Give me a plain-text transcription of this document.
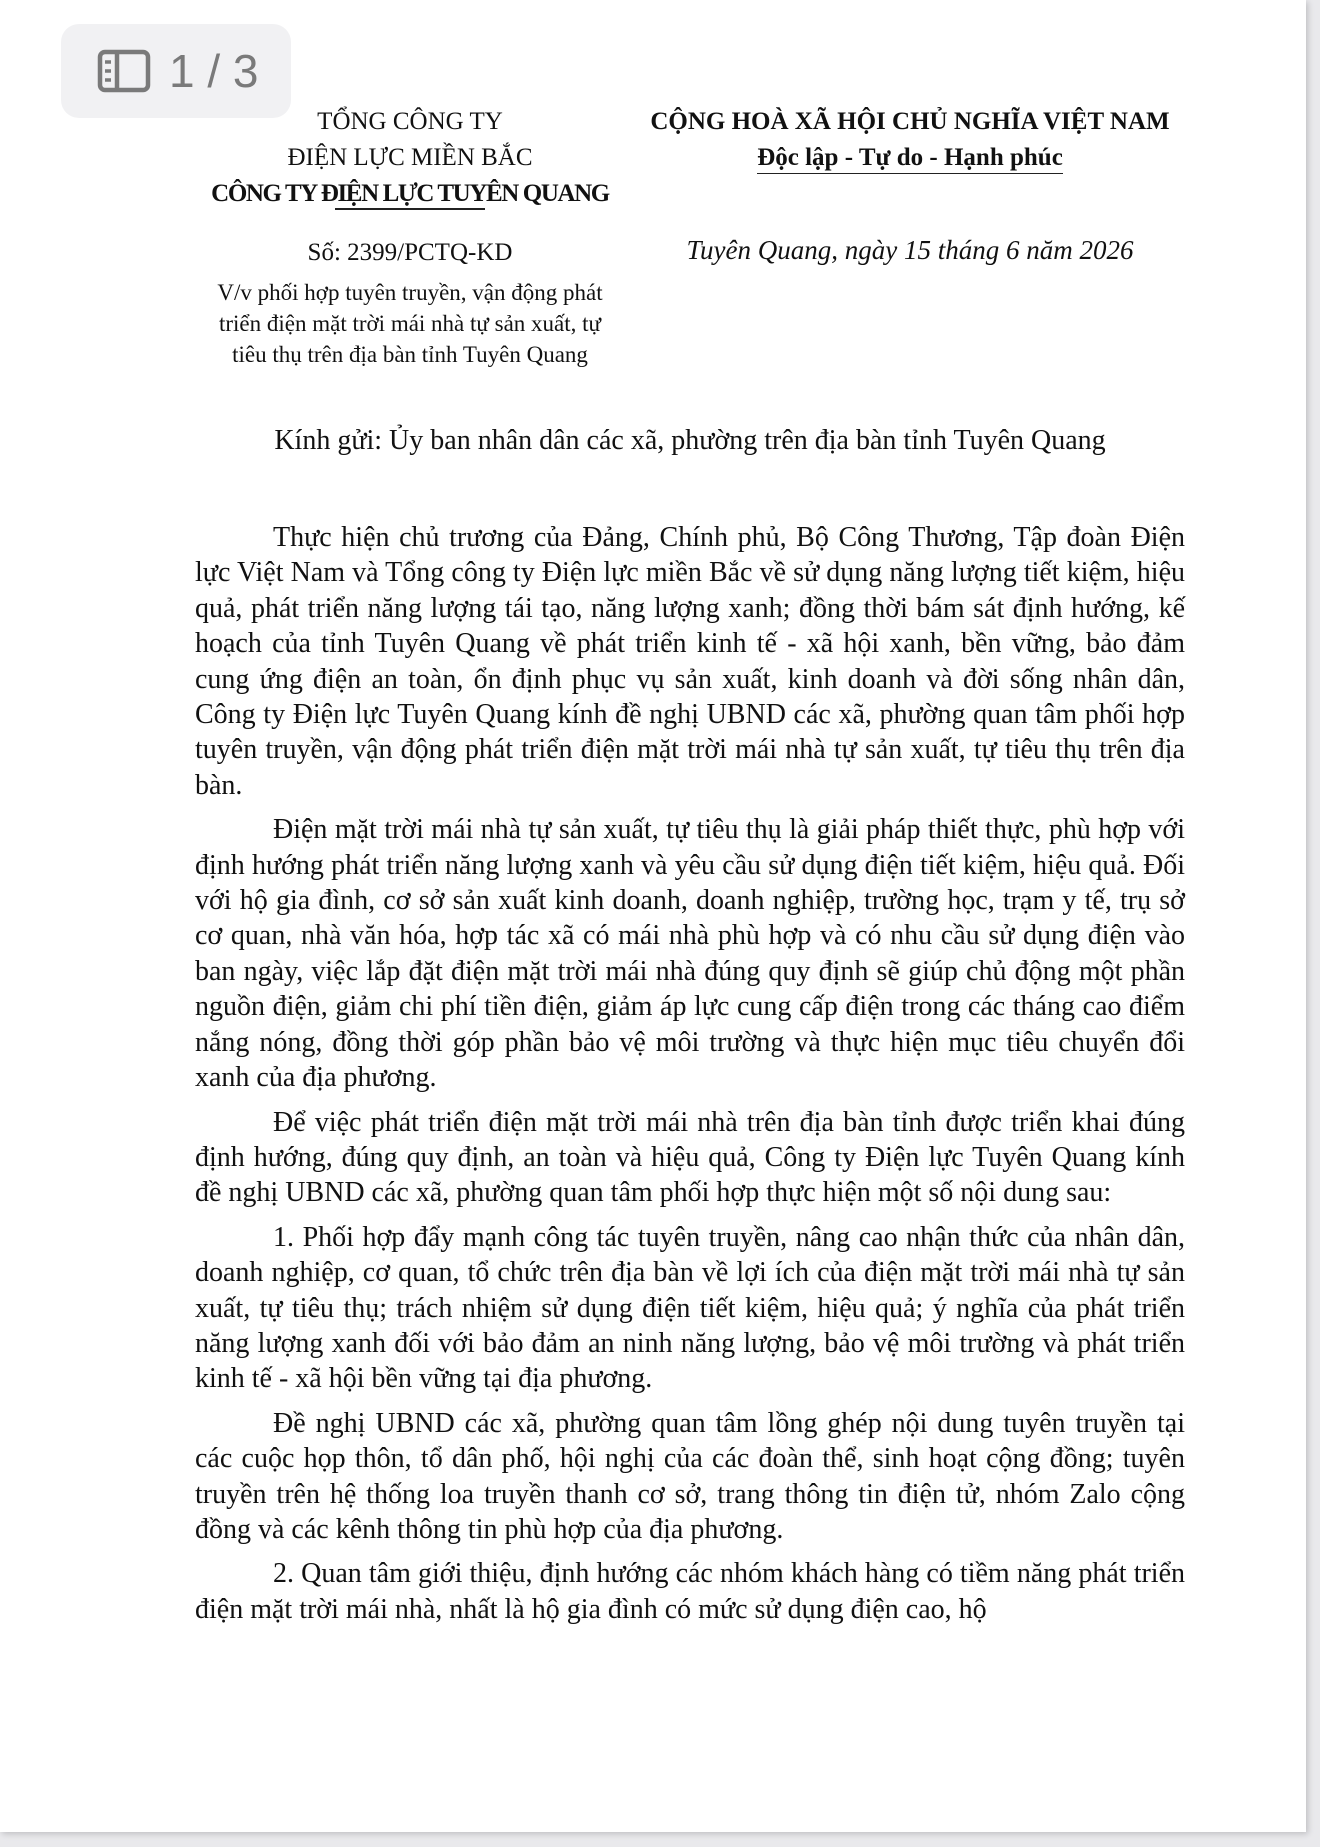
1 / 3
TỔNG CÔNG TY
ĐIỆN LỰC MIỀN BẮC
CÔNG TY ĐIỆN LỰC TUYÊN QUANG
Số: 2399/PCTQ-KD
V/v phối hợp tuyên truyền, vận động phát
triển điện mặt trời mái nhà tự sản xuất, tự
tiêu thụ trên địa bàn tỉnh Tuyên Quang
CỘNG HOÀ XÃ HỘI CHỦ NGHĨA VIỆT NAM
Độc lập - Tự do - Hạnh phúc
Tuyên Quang, ngày 15 tháng 6 năm 2026
Kính gửi: Ủy ban nhân dân các xã, phường trên địa bàn tỉnh Tuyên Quang

Thực hiện chủ trương của Đảng, Chính phủ, Bộ Công Thương, Tập đoàn Điện lực Việt Nam và Tổng công ty Điện lực miền Bắc về sử dụng năng lượng tiết kiệm, hiệu quả, phát triển năng lượng tái tạo, năng lượng xanh; đồng thời bám sát định hướng, kế hoạch của tỉnh Tuyên Quang về phát triển kinh tế - xã hội xanh, bền vững, bảo đảm cung ứng điện an toàn, ổn định phục vụ sản xuất, kinh doanh và đời sống nhân dân, Công ty Điện lực Tuyên Quang kính đề nghị UBND các xã, phường quan tâm phối hợp tuyên truyền, vận động phát triển điện mặt trời mái nhà tự sản xuất, tự tiêu thụ trên địa bàn.

Điện mặt trời mái nhà tự sản xuất, tự tiêu thụ là giải pháp thiết thực, phù hợp với định hướng phát triển năng lượng xanh và yêu cầu sử dụng điện tiết kiệm, hiệu quả. Đối với hộ gia đình, cơ sở sản xuất kinh doanh, doanh nghiệp, trường học, trạm y tế, trụ sở cơ quan, nhà văn hóa, hợp tác xã có mái nhà phù hợp và có nhu cầu sử dụng điện vào ban ngày, việc lắp đặt điện mặt trời mái nhà đúng quy định sẽ giúp chủ động một phần nguồn điện, giảm chi phí tiền điện, giảm áp lực cung cấp điện trong các tháng cao điểm nắng nóng, đồng thời góp phần bảo vệ môi trường và thực hiện mục tiêu chuyển đổi xanh của địa phương.

Để việc phát triển điện mặt trời mái nhà trên địa bàn tỉnh được triển khai đúng định hướng, đúng quy định, an toàn và hiệu quả, Công ty Điện lực Tuyên Quang kính đề nghị UBND các xã, phường quan tâm phối hợp thực hiện một số nội dung sau:

1. Phối hợp đẩy mạnh công tác tuyên truyền, nâng cao nhận thức của nhân dân, doanh nghiệp, cơ quan, tổ chức trên địa bàn về lợi ích của điện mặt trời mái nhà tự sản xuất, tự tiêu thụ; trách nhiệm sử dụng điện tiết kiệm, hiệu quả; ý nghĩa của phát triển năng lượng xanh đối với bảo đảm an ninh năng lượng, bảo vệ môi trường và phát triển kinh tế - xã hội bền vững tại địa phương.

Đề nghị UBND các xã, phường quan tâm lồng ghép nội dung tuyên truyền tại các cuộc họp thôn, tổ dân phố, hội nghị của các đoàn thể, sinh hoạt cộng đồng; tuyên truyền trên hệ thống loa truyền thanh cơ sở, trang thông tin điện tử, nhóm Zalo cộng đồng và các kênh thông tin phù hợp của địa phương.

2. Quan tâm giới thiệu, định hướng các nhóm khách hàng có tiềm năng phát triển điện mặt trời mái nhà, nhất là hộ gia đình có mức sử dụng điện cao, hộ
